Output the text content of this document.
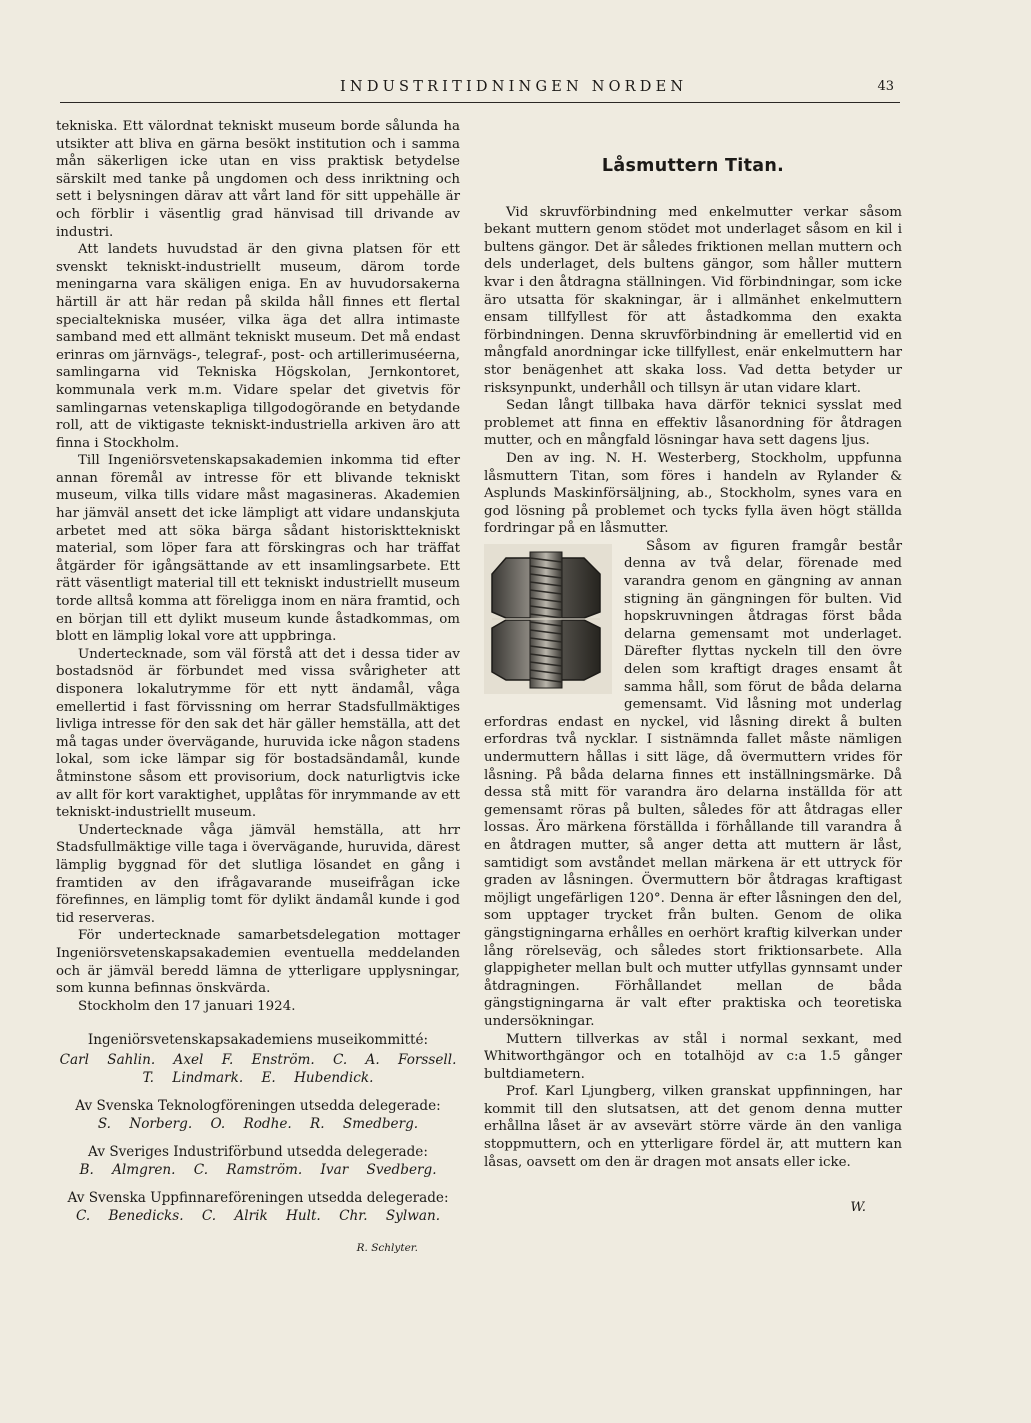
INDUSTRITIDNINGEN NORDEN	43

tekniska. Ett välordnat tekniskt museum borde sålunda ha utsikter att bliva en gärna besökt institution och i samma mån säkerligen icke utan en viss praktisk betydelse särskilt med tanke på ungdomen och dess inriktning och sett i belysningen därav att vårt land för sitt uppehälle är och förblir i väsentlig grad hänvisad till drivande av industri.

Att landets huvudstad är den givna platsen för ett svenskt tekniskt-industriellt museum, därom torde meningarna vara skäligen eniga. En av huvudorsakerna härtill är att här redan på skilda håll finnes ett flertal specialtekniska muséer, vilka äga det allra intimaste samband med ett allmänt tekniskt museum. Det må endast erinras om järnvägs-, telegraf-, post- och artillerimuséerna, samlingarna vid Tekniska Högskolan, Jernkontoret, kommunala verk m.m. Vidare spelar det givetvis för samlingarnas vetenskapliga tillgodogörande en betydande roll, att de viktigaste tekniskt-industriella arkiven äro att finna i Stockholm.

Till Ingeniörsvetenskapsakademien inkomma tid efter annan föremål av intresse för ett blivande tekniskt museum, vilka tills vidare måst magasineras. Akademien har jämväl ansett det icke lämpligt att vidare undanskjuta arbetet med att söka bärga sådant historiskttekniskt material, som löper fara att förskingras och har träffat åtgärder för igångsättande av ett insamlingsarbete. Ett rätt väsentligt material till ett tekniskt industriellt museum torde alltså komma att föreligga inom en nära framtid, och en början till ett dylikt museum kunde åstadkommas, om blott en lämplig lokal vore att uppbringa.

Undertecknade, som väl förstå att det i dessa tider av bostadsnöd är förbundet med vissa svårigheter att disponera lokalutrymme för ett nytt ändamål, våga emellertid i fast förvissning om herrar Stadsfullmäktiges livliga intresse för den sak det här gäller hemställa, att det må tagas under övervägande, huruvida icke någon stadens lokal, som icke lämpar sig för bostadsändamål, kunde åtminstone såsom ett provisorium, dock naturligtvis icke av allt för kort varaktighet, upplåtas för inrymmande av ett tekniskt-industriellt museum.

Undertecknade våga jämväl hemställa, att hrr Stadsfullmäktige ville taga i övervägande, huruvida, därest lämplig byggnad för det slutliga lösandet en gång i framtiden av den ifrågavarande museifrågan icke förefinnes, en lämplig tomt för dylikt ändamål kunde i god tid reserveras.

För undertecknade samarbetsdelegation mottager Ingeniörsvetenskapsakademien eventuella meddelanden och är jämväl beredd lämna de ytterligare upplysningar, som kunna befinnas önskvärda.

Stockholm den 17 januari 1924.

Ingeniörsvetenskapsakademiens museikommitté:
Carl Sahlin. Axel F. Enström. C. A. Forssell.
T. Lindmark. E. Hubendick.
Av Svenska Teknologföreningen utsedda delegerade:
S. Norberg. O. Rodhe. R. Smedberg.
Av Sveriges Industriförbund utsedda delegerade:
B. Almgren. C. Ramström. Ivar Svedberg.
Av Svenska Uppfinnareföreningen utsedda delegerade:
C. Benedicks. C. Alrik Hult. Chr. Sylwan.
R. Schlyter.
Låsmuttern Titan.

Vid skruvförbindning med enkelmutter verkar såsom bekant muttern genom stödet mot underlaget såsom en kil i bultens gängor. Det är således friktionen mellan muttern och dels underlaget, dels bultens gängor, som håller muttern kvar i den åtdragna ställningen. Vid förbindningar, som icke äro utsatta för skakningar, är i allmänhet enkelmuttern ensam tillfyllest för att åstadkomma den exakta förbindningen. Denna skruvförbindning är emellertid vid en mångfald anordningar icke tillfyllest, enär enkelmuttern har stor benägenhet att skaka loss. Vad detta betyder ur risksynpunkt, underhåll och tillsyn är utan vidare klart.

Sedan långt tillbaka hava därför teknici sysslat med problemet att finna en effektiv låsanordning för åtdragen mutter, och en mångfald lösningar hava sett dagens ljus.

Den av ing. N. H. Westerberg, Stockholm, uppfunna låsmuttern Titan, som föres i handeln av Rylander & Asplunds Maskinförsäljning, ab., Stockholm, synes vara en god lösning på problemet och tycks fylla även högt ställda fordringar på en låsmutter.

Såsom av figuren framgår består denna av två delar, förenade med varandra genom en gängning av annan stigning än gängningen för bulten. Vid hopskruvningen åtdragas först båda delarna gemensamt mot underlaget. Därefter flyttas nyckeln till den övre delen som kraftigt drages ensamt åt samma håll, som förut de båda delarna gemensamt. Vid låsning mot underlag erfordras endast en nyckel, vid låsning direkt å bulten erfordras två nycklar. I sistnämnda fallet måste nämligen undermuttern hållas i sitt läge, då övermuttern vrides för låsning. På båda delarna finnes ett inställningsmärke. Då dessa stå mitt för varandra äro delarna inställda för att gemensamt röras på bulten, således för att åtdragas eller lossas. Äro märkena förställda i förhållande till varandra å en åtdragen mutter, så anger detta att muttern är låst, samtidigt som avståndet mellan märkena är ett uttryck för graden av låsningen. Övermuttern bör åtdragas kraftigast möjligt ungefärligen 120°. Denna är efter låsningen den del, som upptager trycket från bulten. Genom de olika gängstigningarna erhålles en oerhört kraftig kilverkan under lång rörelseväg, och således stort friktionsarbete. Alla glappigheter mellan bult och mutter utfyllas gynnsamt under åtdragningen. Förhållandet mellan de båda gängstigningarna är valt efter praktiska och teoretiska undersökningar.

Muttern tillverkas av stål i normal sexkant, med Whitworthgängor och en totalhöjd av c:a 1.5 gånger bultdiametern.

Prof. Karl Ljungberg, vilken granskat uppfinningen, har kommit till den slutsatsen, att det genom denna mutter erhållna låset är av avsevärt större värde än den vanliga stoppmuttern, och en ytterligare fördel är, att muttern kan låsas, oavsett om den är dragen mot ansats eller icke.

W.
